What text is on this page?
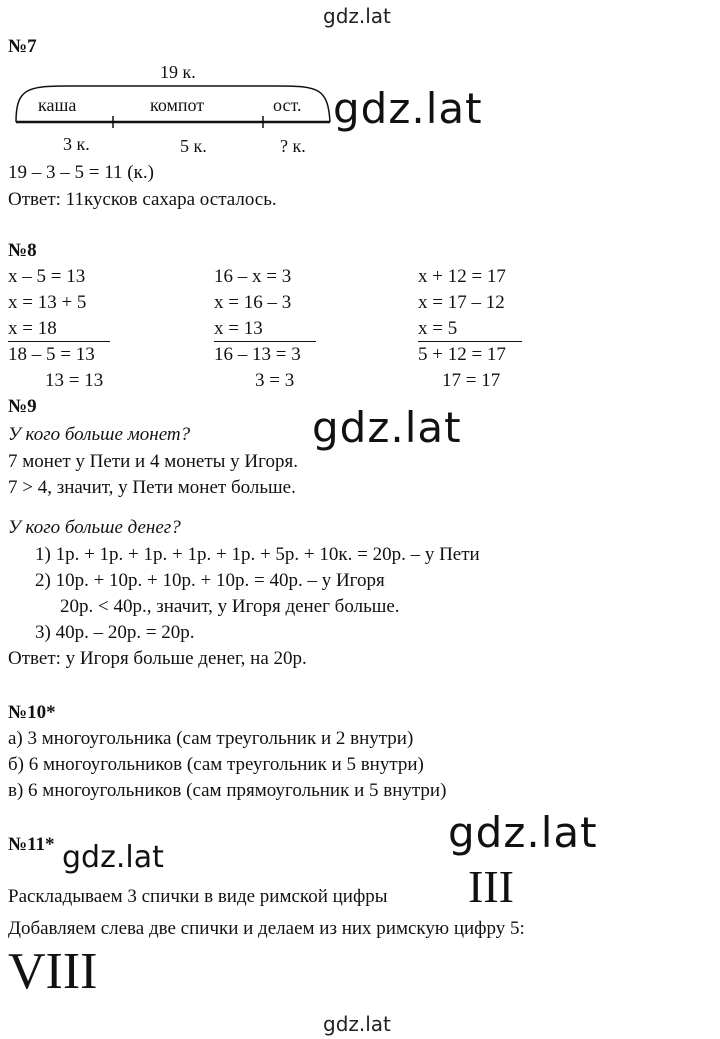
gdz.lat
№7
19 к.
каша	компот	ост.
3 к.	5 к.	? к.
gdz.lat
19 – 3 – 5 = 11 (к.)
Ответ: 11кусков сахара осталось.
№8
x – 5 = 13
x = 13 + 5
x = 18
18 – 5 = 13
13 = 13
16 – x = 3
x = 16 – 3
x = 13
16 – 13 = 3
3 = 3
x + 12 = 17
x = 17 – 12
x = 5
5 + 12 = 17
17 = 17
№9	gdz.lat
У кого больше монет?
7 монет у Пети и 4 монеты у Игоря.
7 > 4, значит, у Пети монет больше.
У кого больше денег?
1) 1р. + 1р. + 1р. + 1р. + 1р. + 5р. + 10к. = 20р. – у Пети
2) 10р. + 10р. + 10р. + 10р. = 40р. – у Игоря
20р. < 40р., значит, у Игоря денег больше.
3) 40р. – 20р. = 20р.
Ответ: у Игоря больше денег, на 20р.
№10*
а) 3 многоугольника (сам треугольник и 2 внутри)
б) 6 многоугольников (сам треугольник и 5 внутри)
в) 6 многоугольников (сам прямоугольник и 5 внутри)
gdz.lat
№11* gdz.lat
Раскладываем 3 спички в виде римской цифры III
Добавляем слева две спички и делаем из них римскую цифру 5:
VIII
gdz.lat
